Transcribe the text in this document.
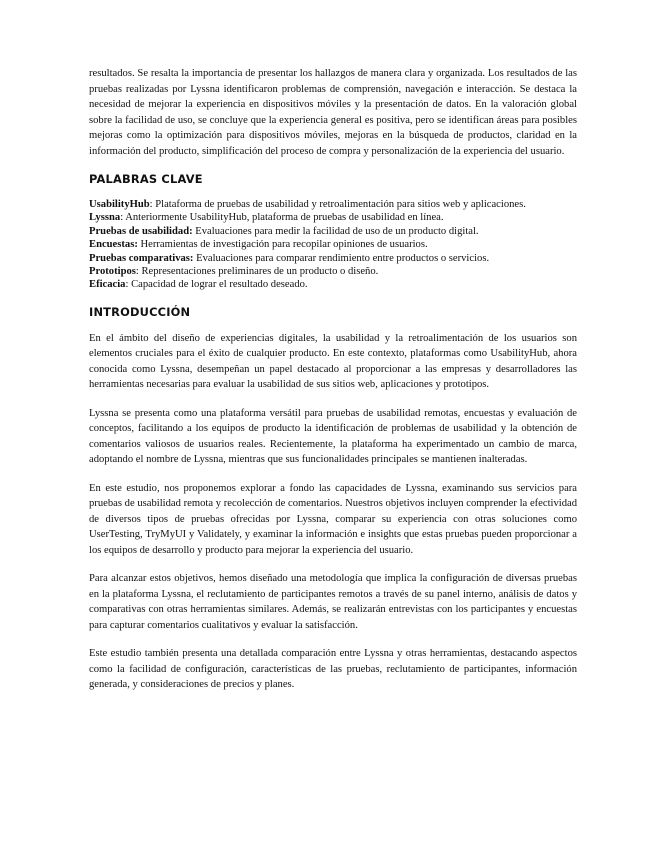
resultados. Se resalta la importancia de presentar los hallazgos de manera clara y organizada. Los resultados de las pruebas realizadas por Lyssna identificaron problemas de comprensión, navegación e interacción. Se destaca la necesidad de mejorar la experiencia en dispositivos móviles y la presentación de datos. En la valoración global sobre la facilidad de uso, se concluye que la experiencia general es positiva, pero se identifican áreas para posibles mejoras como la optimización para dispositivos móviles, mejoras en la búsqueda de productos, claridad en la información del producto, simplificación del proceso de compra y personalización de la experiencia del usuario.

PALABRAS CLAVE
UsabilityHub: Plataforma de pruebas de usabilidad y retroalimentación para sitios web y aplicaciones.
Lyssna: Anteriormente UsabilityHub, plataforma de pruebas de usabilidad en línea.
Pruebas de usabilidad: Evaluaciones para medir la facilidad de uso de un producto digital.
Encuestas: Herramientas de investigación para recopilar opiniones de usuarios.
Pruebas comparativas: Evaluaciones para comparar rendimiento entre productos o servicios.
Prototipos: Representaciones preliminares de un producto o diseño.
Eficacia: Capacidad de lograr el resultado deseado.
INTRODUCCIÓN

En el ámbito del diseño de experiencias digitales, la usabilidad y la retroalimentación de los usuarios son elementos cruciales para el éxito de cualquier producto. En este contexto, plataformas como UsabilityHub, ahora conocida como Lyssna, desempeñan un papel destacado al proporcionar a las empresas y desarrolladores las herramientas necesarias para evaluar la usabilidad de sus sitios web, aplicaciones y prototipos.

Lyssna se presenta como una plataforma versátil para pruebas de usabilidad remotas, encuestas y evaluación de conceptos, facilitando a los equipos de producto la identificación de problemas de usabilidad y la obtención de comentarios valiosos de usuarios reales. Recientemente, la plataforma ha experimentado un cambio de marca, adoptando el nombre de Lyssna, mientras que sus funcionalidades principales se mantienen inalteradas.

En este estudio, nos proponemos explorar a fondo las capacidades de Lyssna, examinando sus servicios para pruebas de usabilidad remota y recolección de comentarios. Nuestros objetivos incluyen comprender la efectividad de diversos tipos de pruebas ofrecidas por Lyssna, comparar su experiencia con otras soluciones como UserTesting, TryMyUI y Validately, y examinar la información e insights que estas pruebas pueden proporcionar a los equipos de desarrollo y producto para mejorar la experiencia del usuario.

Para alcanzar estos objetivos, hemos diseñado una metodología que implica la configuración de diversas pruebas en la plataforma Lyssna, el reclutamiento de participantes remotos a través de su panel interno, análisis de datos y comparativas con otras herramientas similares. Además, se realizarán entrevistas con los participantes y encuestas para capturar comentarios cualitativos y evaluar la satisfacción.

Este estudio también presenta una detallada comparación entre Lyssna y otras herramientas, destacando aspectos como la facilidad de configuración, características de las pruebas, reclutamiento de participantes, información generada, y consideraciones de precios y planes.
